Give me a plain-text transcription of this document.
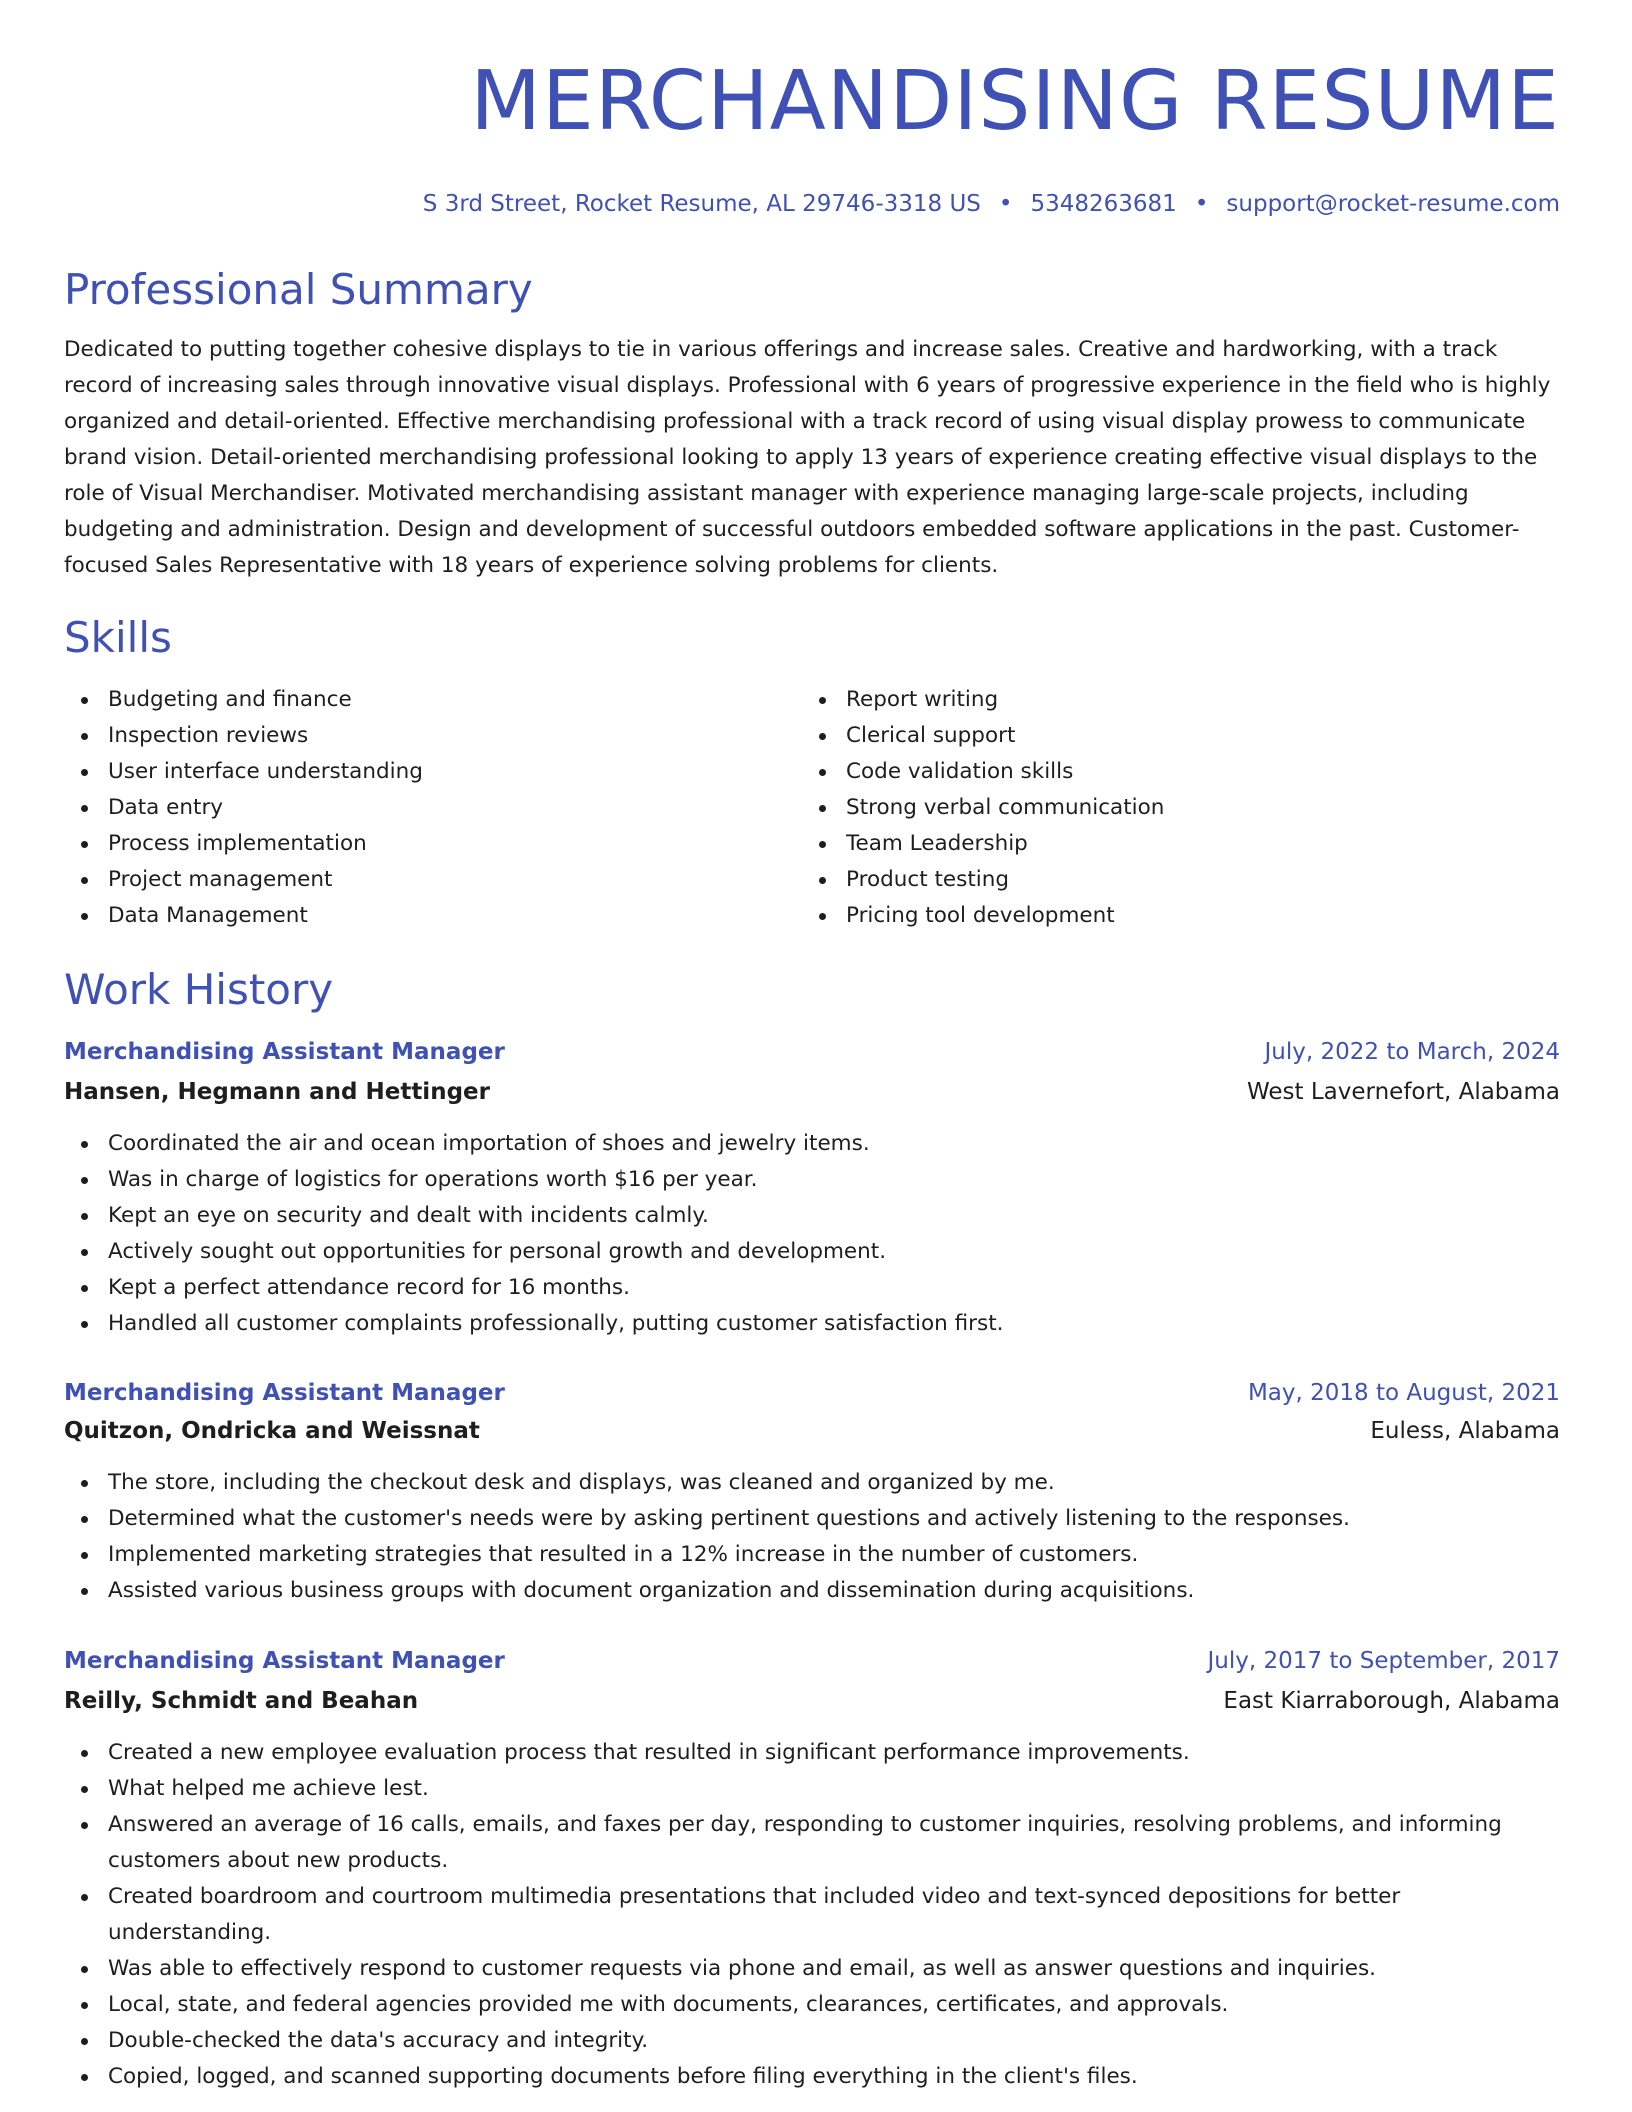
MERCHANDISING RESUME
S 3rd Street, Rocket Resume, AL 29746-3318 US • 5348263681 • support@rocket-resume.com
Professional Summary

Dedicated to putting together cohesive displays to tie in various offerings and increase sales. Creative and hardworking, with a track record of increasing sales through innovative visual displays. Professional with 6 years of progressive experience in the field who is highly organized and detail-oriented. Effective merchandising professional with a track record of using visual display prowess to communicate brand vision. Detail-oriented merchandising professional looking to apply 13 years of experience creating effective visual displays to the role of Visual Merchandiser. Motivated merchandising assistant manager with experience managing large-scale projects, including budgeting and administration. Design and development of successful outdoors embedded software applications in the past. Customer-focused Sales Representative with 18 years of experience solving problems for clients.

Skills
Budgeting and finance
Inspection reviews
User interface understanding
Data entry
Process implementation
Project management
Data Management
Report writing
Clerical support
Code validation skills
Strong verbal communication
Team Leadership
Product testing
Pricing tool development
Work History
Merchandising Assistant Manager	July, 2022 to March, 2024
Hansen, Hegmann and Hettinger	West Lavernefort, Alabama
Coordinated the air and ocean importation of shoes and jewelry items.
Was in charge of logistics for operations worth $16 per year.
Kept an eye on security and dealt with incidents calmly.
Actively sought out opportunities for personal growth and development.
Kept a perfect attendance record for 16 months.
Handled all customer complaints professionally, putting customer satisfaction first.
Merchandising Assistant Manager	May, 2018 to August, 2021
Quitzon, Ondricka and Weissnat	Euless, Alabama
The store, including the checkout desk and displays, was cleaned and organized by me.
Determined what the customer's needs were by asking pertinent questions and actively listening to the responses.
Implemented marketing strategies that resulted in a 12% increase in the number of customers.
Assisted various business groups with document organization and dissemination during acquisitions.
Merchandising Assistant Manager	July, 2017 to September, 2017
Reilly, Schmidt and Beahan	East Kiarraborough, Alabama
Created a new employee evaluation process that resulted in significant performance improvements.
What helped me achieve lest.
Answered an average of 16 calls, emails, and faxes per day, responding to customer inquiries, resolving problems, and informing customers about new products.
Created boardroom and courtroom multimedia presentations that included video and text-synced depositions for better understanding.
Was able to effectively respond to customer requests via phone and email, as well as answer questions and inquiries.
Local, state, and federal agencies provided me with documents, clearances, certificates, and approvals.
Double-checked the data's accuracy and integrity.
Copied, logged, and scanned supporting documents before filing everything in the client's files.
